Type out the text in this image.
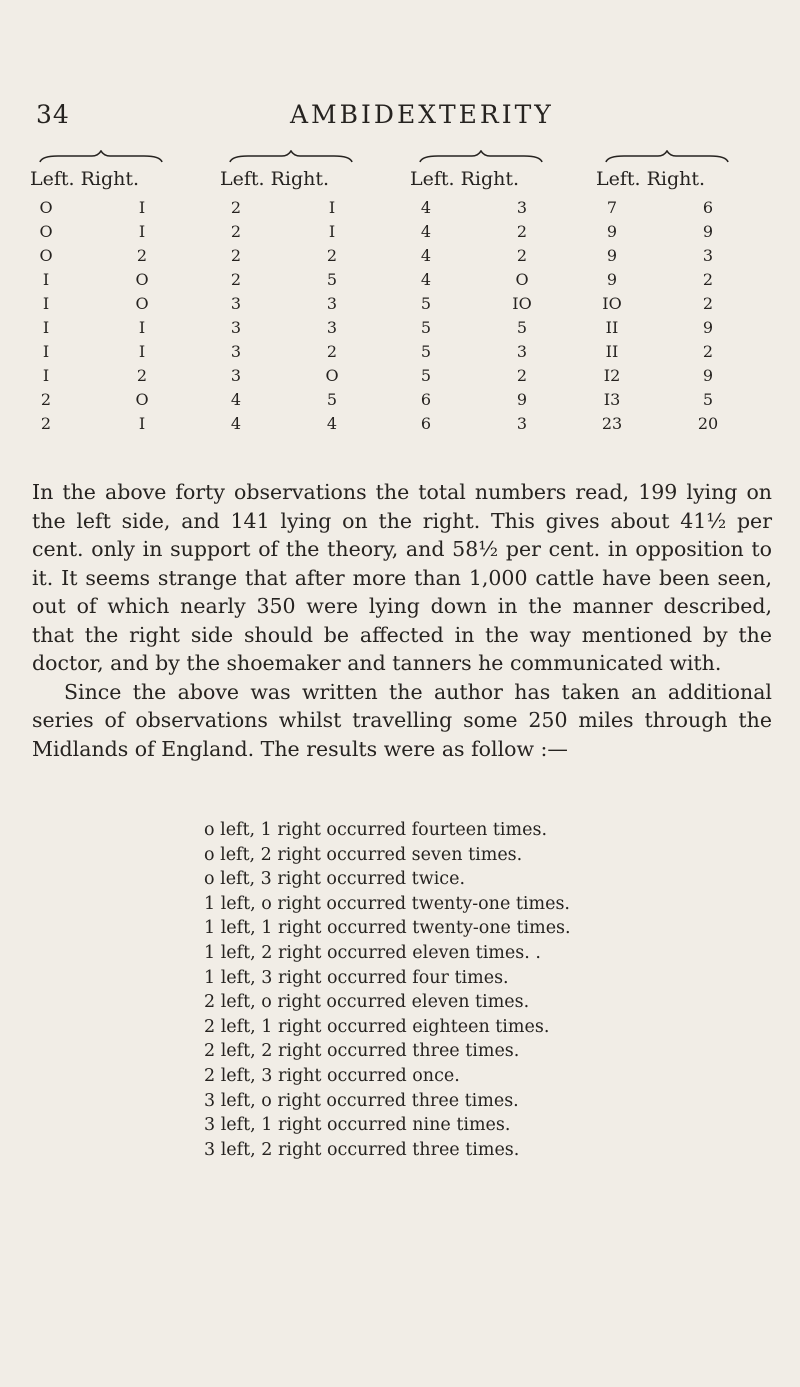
34	AMBIDEXTERITY
Left. Right.
O	I
O	I
O	2
I	O
I	O
I	I
I	I
I	2
2	O
2	I
Left. Right.
2	I
2	I
2	2
2	5
3	3
3	3
3	2
3	O
4	5
4	4
Left. Right.
4	3
4	2
4	2
4	O
5	IO
5	5
5	3
5	2
6	9
6	3
Left. Right.
7	6
9	9
9	3
9	2
IO	2
II	9
II	2
I2	9
I3	5
23	20

In the above forty observations the total numbers read, 199 lying on the left side, and 141 lying on the right. This gives about 41½ per cent. only in support of the theory, and 58½ per cent. in opposition to it. It seems strange that after more than 1,000 cattle have been seen, out of which nearly 350 were lying down in the manner described, that the right side should be affected in the way mentioned by the doctor, and by the shoemaker and tanners he communicated with.

Since the above was written the author has taken an additional series of observations whilst travelling some 250 miles through the Midlands of England. The results were as follow :—

o left, 1 right occurred fourteen times.
o left, 2 right occurred seven times.
o left, 3 right occurred twice.
1 left, o right occurred twenty-one times.
1 left, 1 right occurred twenty-one times.
1 left, 2 right occurred eleven times. .
1 left, 3 right occurred four times.
2 left, o right occurred eleven times.
2 left, 1 right occurred eighteen times.
2 left, 2 right occurred three times.
2 left, 3 right occurred once.
3 left, o right occurred three times.
3 left, 1 right occurred nine times.
3 left, 2 right occurred three times.
